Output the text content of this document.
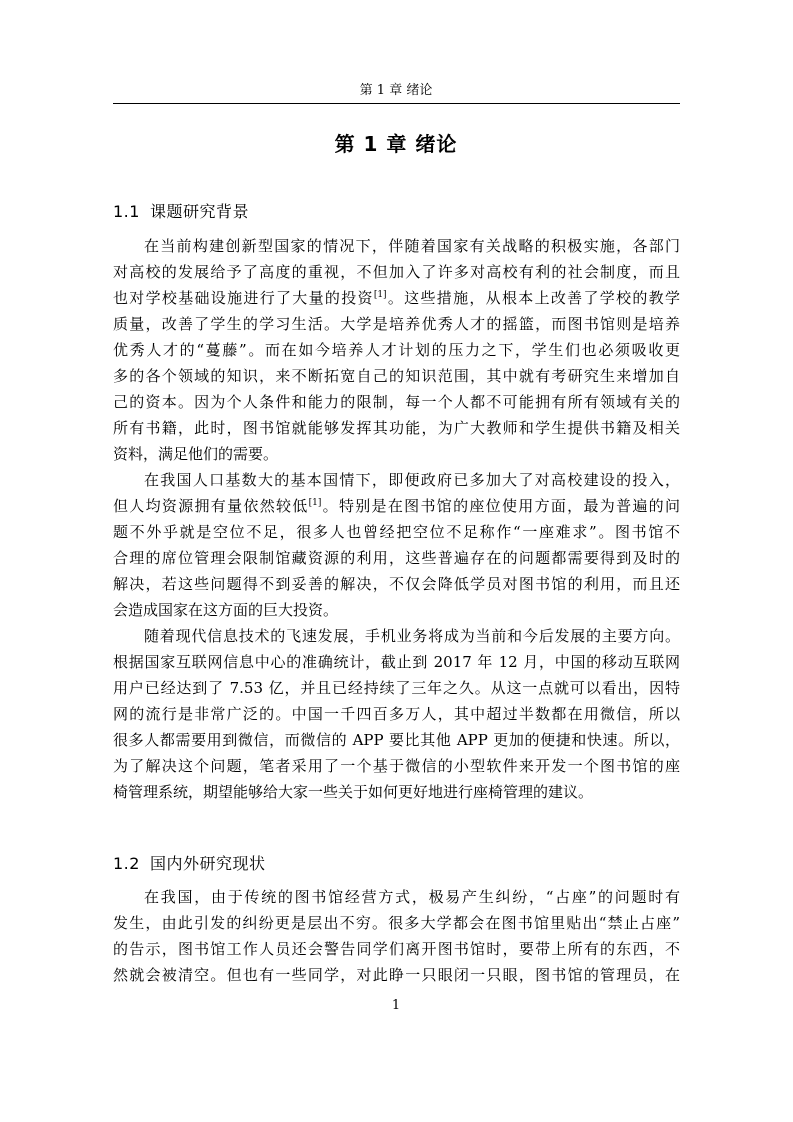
第 1 章 绪论
第 1 章 绪论
1.1 课题研究背景
在当前构建创新型国家的情况下，伴随着国家有关战略的积极实施，各部门
对高校的发展给予了高度的重视，不但加入了许多对高校有利的社会制度，而且
也对学校基础设施进行了大量的投资[1]。这些措施，从根本上改善了学校的教学
质量，改善了学生的学习生活。大学是培养优秀人才的摇篮，而图书馆则是培养
优秀人才的“蔓藤”。而在如今培养人才计划的压力之下，学生们也必须吸收更
多的各个领域的知识，来不断拓宽自己的知识范围，其中就有考研究生来增加自
己的资本。因为个人条件和能力的限制，每一个人都不可能拥有所有领域有关的
所有书籍，此时，图书馆就能够发挥其功能，为广大教师和学生提供书籍及相关
资料，满足他们的需要。
在我国人口基数大的基本国情下，即便政府已多加大了对高校建设的投入，
但人均资源拥有量依然较低[1]。特别是在图书馆的座位使用方面，最为普遍的问
题不外乎就是空位不足，很多人也曾经把空位不足称作“一座难求”。图书馆不
合理的席位管理会限制馆藏资源的利用，这些普遍存在的问题都需要得到及时的
解决，若这些问题得不到妥善的解决，不仅会降低学员对图书馆的利用，而且还
会造成国家在这方面的巨大投资。
随着现代信息技术的飞速发展，手机业务将成为当前和今后发展的主要方向。
根据国家互联网信息中心的准确统计，截止到 2017 年 12 月，中国的移动互联网
用户已经达到了 7.53 亿，并且已经持续了三年之久。从这一点就可以看出，因特
网的流行是非常广泛的。中国一千四百多万人，其中超过半数都在用微信，所以
很多人都需要用到微信，而微信的 APP 要比其他 APP 更加的便捷和快速。所以，
为了解决这个问题，笔者采用了一个基于微信的小型软件来开发一个图书馆的座
椅管理系统，期望能够给大家一些关于如何更好地进行座椅管理的建议。
1.2 国内外研究现状
在我国，由于传统的图书馆经营方式，极易产生纠纷，“占座”的问题时有
发生，由此引发的纠纷更是层出不穷。很多大学都会在图书馆里贴出“禁止占座”
的告示，图书馆工作人员还会警告同学们离开图书馆时，要带上所有的东西，不
然就会被清空。但也有一些同学，对此睁一只眼闭一只眼，图书馆的管理员，在
1
